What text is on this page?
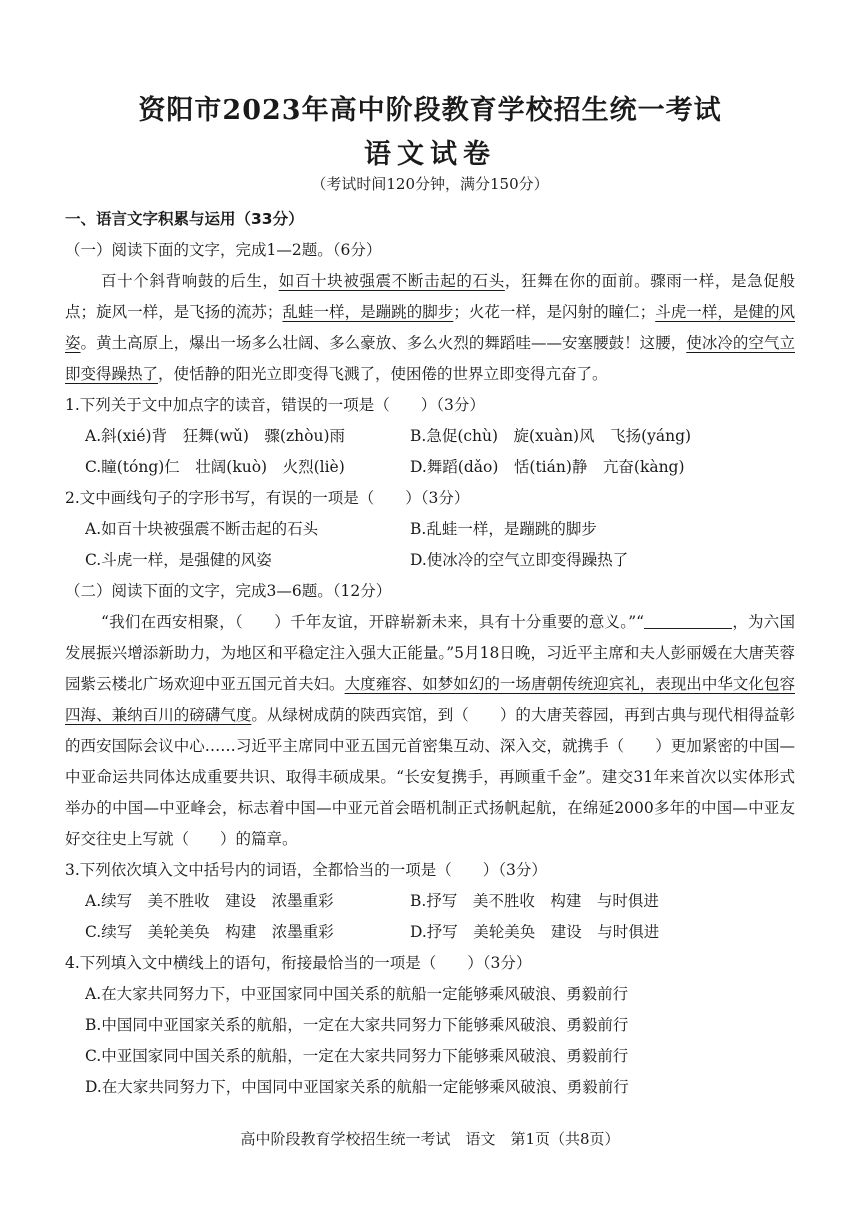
资阳市2023年高中阶段教育学校招生统一考试
语文试卷
（考试时间120分钟，满分150分）
一、语言文字积累与运用（33分）
（一）阅读下面的文字，完成1—2题。（6分）
百十个斜背响鼓的后生，如百十块被强震不断击起的石头，狂舞在你的面前。骤雨一样，是急促般点；旋风一样，是飞扬的流苏；乱蛙一样，是蹦跳的脚步；火花一样，是闪射的瞳仁；斗虎一样，是健的风姿。黄土高原上，爆出一场多么壮阔、多么豪放、多么火烈的舞蹈哇——安塞腰鼓！这腰，使冰冷的空气立即变得躁热了，使恬静的阳光立即变得飞溅了，使困倦的世界立即变得亢奋了。
1.下列关于文中加点字的读音，错误的一项是（　　）（3分）
A.斜(xié)背　狂舞(wǔ)　骤(zhòu)雨	B.急促(chù)　旋(xuàn)风　飞扬(yáng)
C.瞳(tóng)仁　壮阔(kuò)　火烈(liè)	D.舞蹈(dǎo)　恬(tián)静　亢奋(kàng)
2.文中画线句子的字形书写，有误的一项是（　　）（3分）
A.如百十块被强震不断击起的石头	B.乱蛙一样，是蹦跳的脚步
C.斗虎一样，是强健的风姿	D.使冰冷的空气立即变得躁热了
（二）阅读下面的文字，完成3—6题。（12分）
“我们在西安相聚，（　　）千年友谊，开辟崭新未来，具有十分重要的意义。”“	，为六国发展振兴增添新助力，为地区和平稳定注入强大正能量。”5月18日晚，习近平主席和夫人彭丽媛在大唐芙蓉园紫云楼北广场欢迎中亚五国元首夫妇。大度雍容、如梦如幻的一场唐朝传统迎宾礼，表现出中华文化包容四海、兼纳百川的磅礴气度。从绿树成荫的陕西宾馆，到（　　）的大唐芙蓉园，再到古典与现代相得益彰的西安国际会议中心……习近平主席同中亚五国元首密集互动、深入交，就携手（　　）更加紧密的中国—中亚命运共同体达成重要共识、取得丰硕成果。“长安复携手，再顾重千金”。建交31年来首次以实体形式举办的中国—中亚峰会，标志着中国—中亚元首会晤机制正式扬帆起航，在绵延2000多年的中国—中亚友好交往史上写就（　　）的篇章。
3.下列依次填入文中括号内的词语，全都恰当的一项是（　　）（3分）
A.续写　美不胜收　建设　浓墨重彩	B.抒写　美不胜收　构建　与时俱进
C.续写　美轮美奂　构建　浓墨重彩	D.抒写　美轮美奂　建设　与时俱进
4.下列填入文中横线上的语句，衔接最恰当的一项是（　　）（3分）
A.在大家共同努力下，中亚国家同中国关系的航船一定能够乘风破浪、勇毅前行
B.中国同中亚国家关系的航船，一定在大家共同努力下能够乘风破浪、勇毅前行
C.中亚国家同中国关系的航船，一定在大家共同努力下能够乘风破浪、勇毅前行
D.在大家共同努力下，中国同中亚国家关系的航船一定能够乘风破浪、勇毅前行
高中阶段教育学校招生统一考试　语文　第1页（共8页）
